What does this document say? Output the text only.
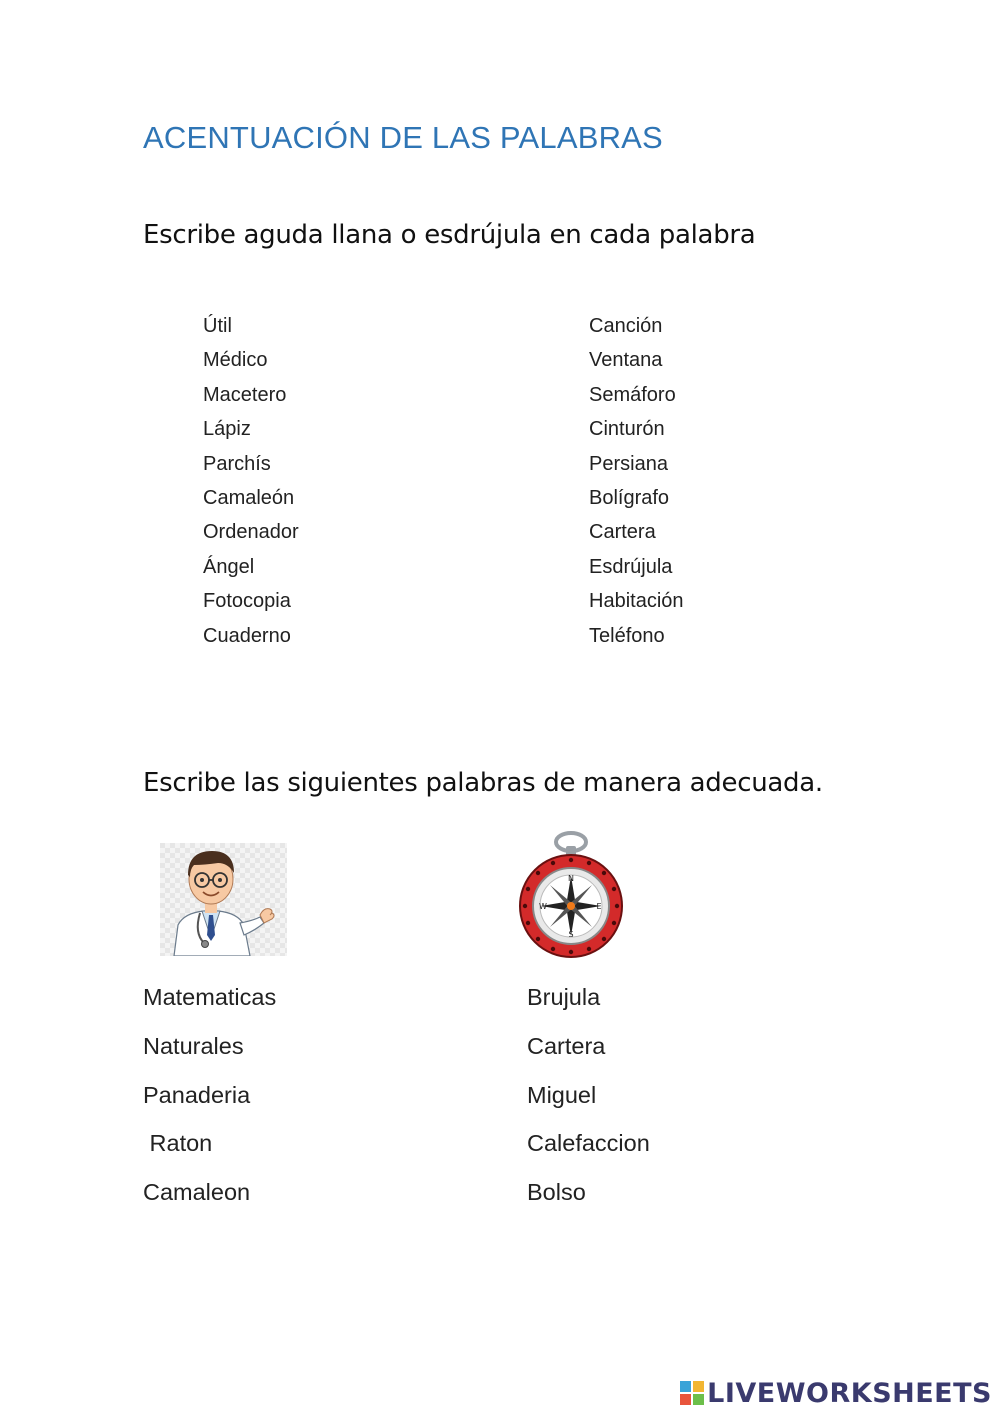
ACENTUACIÓN DE LAS PALABRAS
Escribe aguda llana o esdrújula en cada palabra
Útil
Médico
Macetero
Lápiz
Parchís
Camaleón
Ordenador
Ángel
Fotocopia
Cuaderno
Canción
Ventana
Semáforo
Cinturón
Persiana
Bolígrafo
Cartera
Esdrújula
Habitación
Teléfono
Escribe las siguientes palabras de manera adecuada.
N
S
E
W
Matematicas
Naturales
Panaderia
Raton
Camaleon
Brujula
Cartera
Miguel
Calefaccion
Bolso
LIVEWORKSHEETS
